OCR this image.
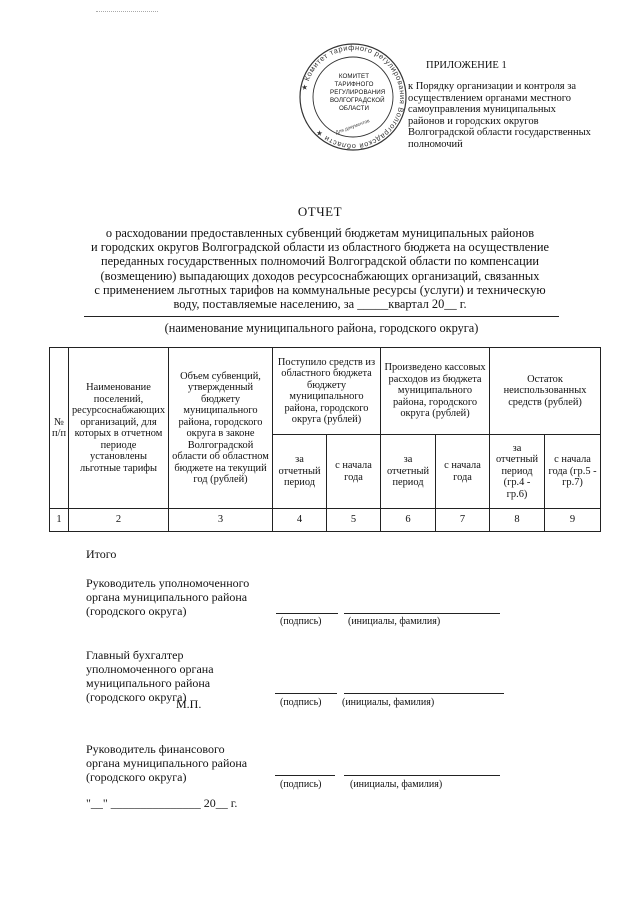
★ Комитет тарифного регулирования Волгоградской области ★	Для документов
КОМИТЕТ
ТАРИФНОГО
РЕГУЛИРОВАНИЯ
ВОЛГОГРАДСКОЙ
ОБЛАСТИ
ПРИЛОЖЕНИЕ 1
к Порядку организации и контроля за осуществлением органами местного самоуправления муниципальных районов и городских округов Волгоградской области государственных полномочий
ОТЧЕТ
о расходовании предоставленных субвенций бюджетам муниципальных районов
и городских округов Волгоградской области из областного бюджета на осуществление
переданных государственных полномочий Волгоградской области по компенсации
(возмещению) выпадающих доходов ресурсоснабжающих организаций, связанных
с применением льготных тарифов на коммунальные ресурсы (услуги) и техническую
воду, поставляемые населению, за _____квартал 20__ г.
(наименование муниципального района, городского округа)
№ п/п	Наименование поселений, ресурсоснабжающих организаций, для которых в отчетном периоде установлены льготные тарифы	Объем субвенций, утвержденный бюджету муниципального района, городского округа в законе Волгоградской области об областном бюджете на текущий год (рублей)	Поступило средств из областного бюджета бюджету муниципального района, городского округа (рублей)		Произведено кассовых расходов из бюджета муниципального района, городского округа (рублей)		Остаток неиспользованных средств (рублей)	
			за отчетный период	с начала года	за отчетный период	с начала года	за отчетный период (гр.4 - гр.6)	с начала года (гр.5 - гр.7)
1	2	3	4	5	6	7	8	9
Итого
Руководитель уполномоченного органа муниципального района (городского округа)
(подпись)	(инициалы, фамилия)
Главный бухгалтер уполномоченного органа муниципального района (городского округа)
М.П.	(подпись) (инициалы, фамилия)
Руководитель финансового органа муниципального района (городского округа)
(подпись)	(инициалы, фамилия)
"__" _______________ 20__ г.
